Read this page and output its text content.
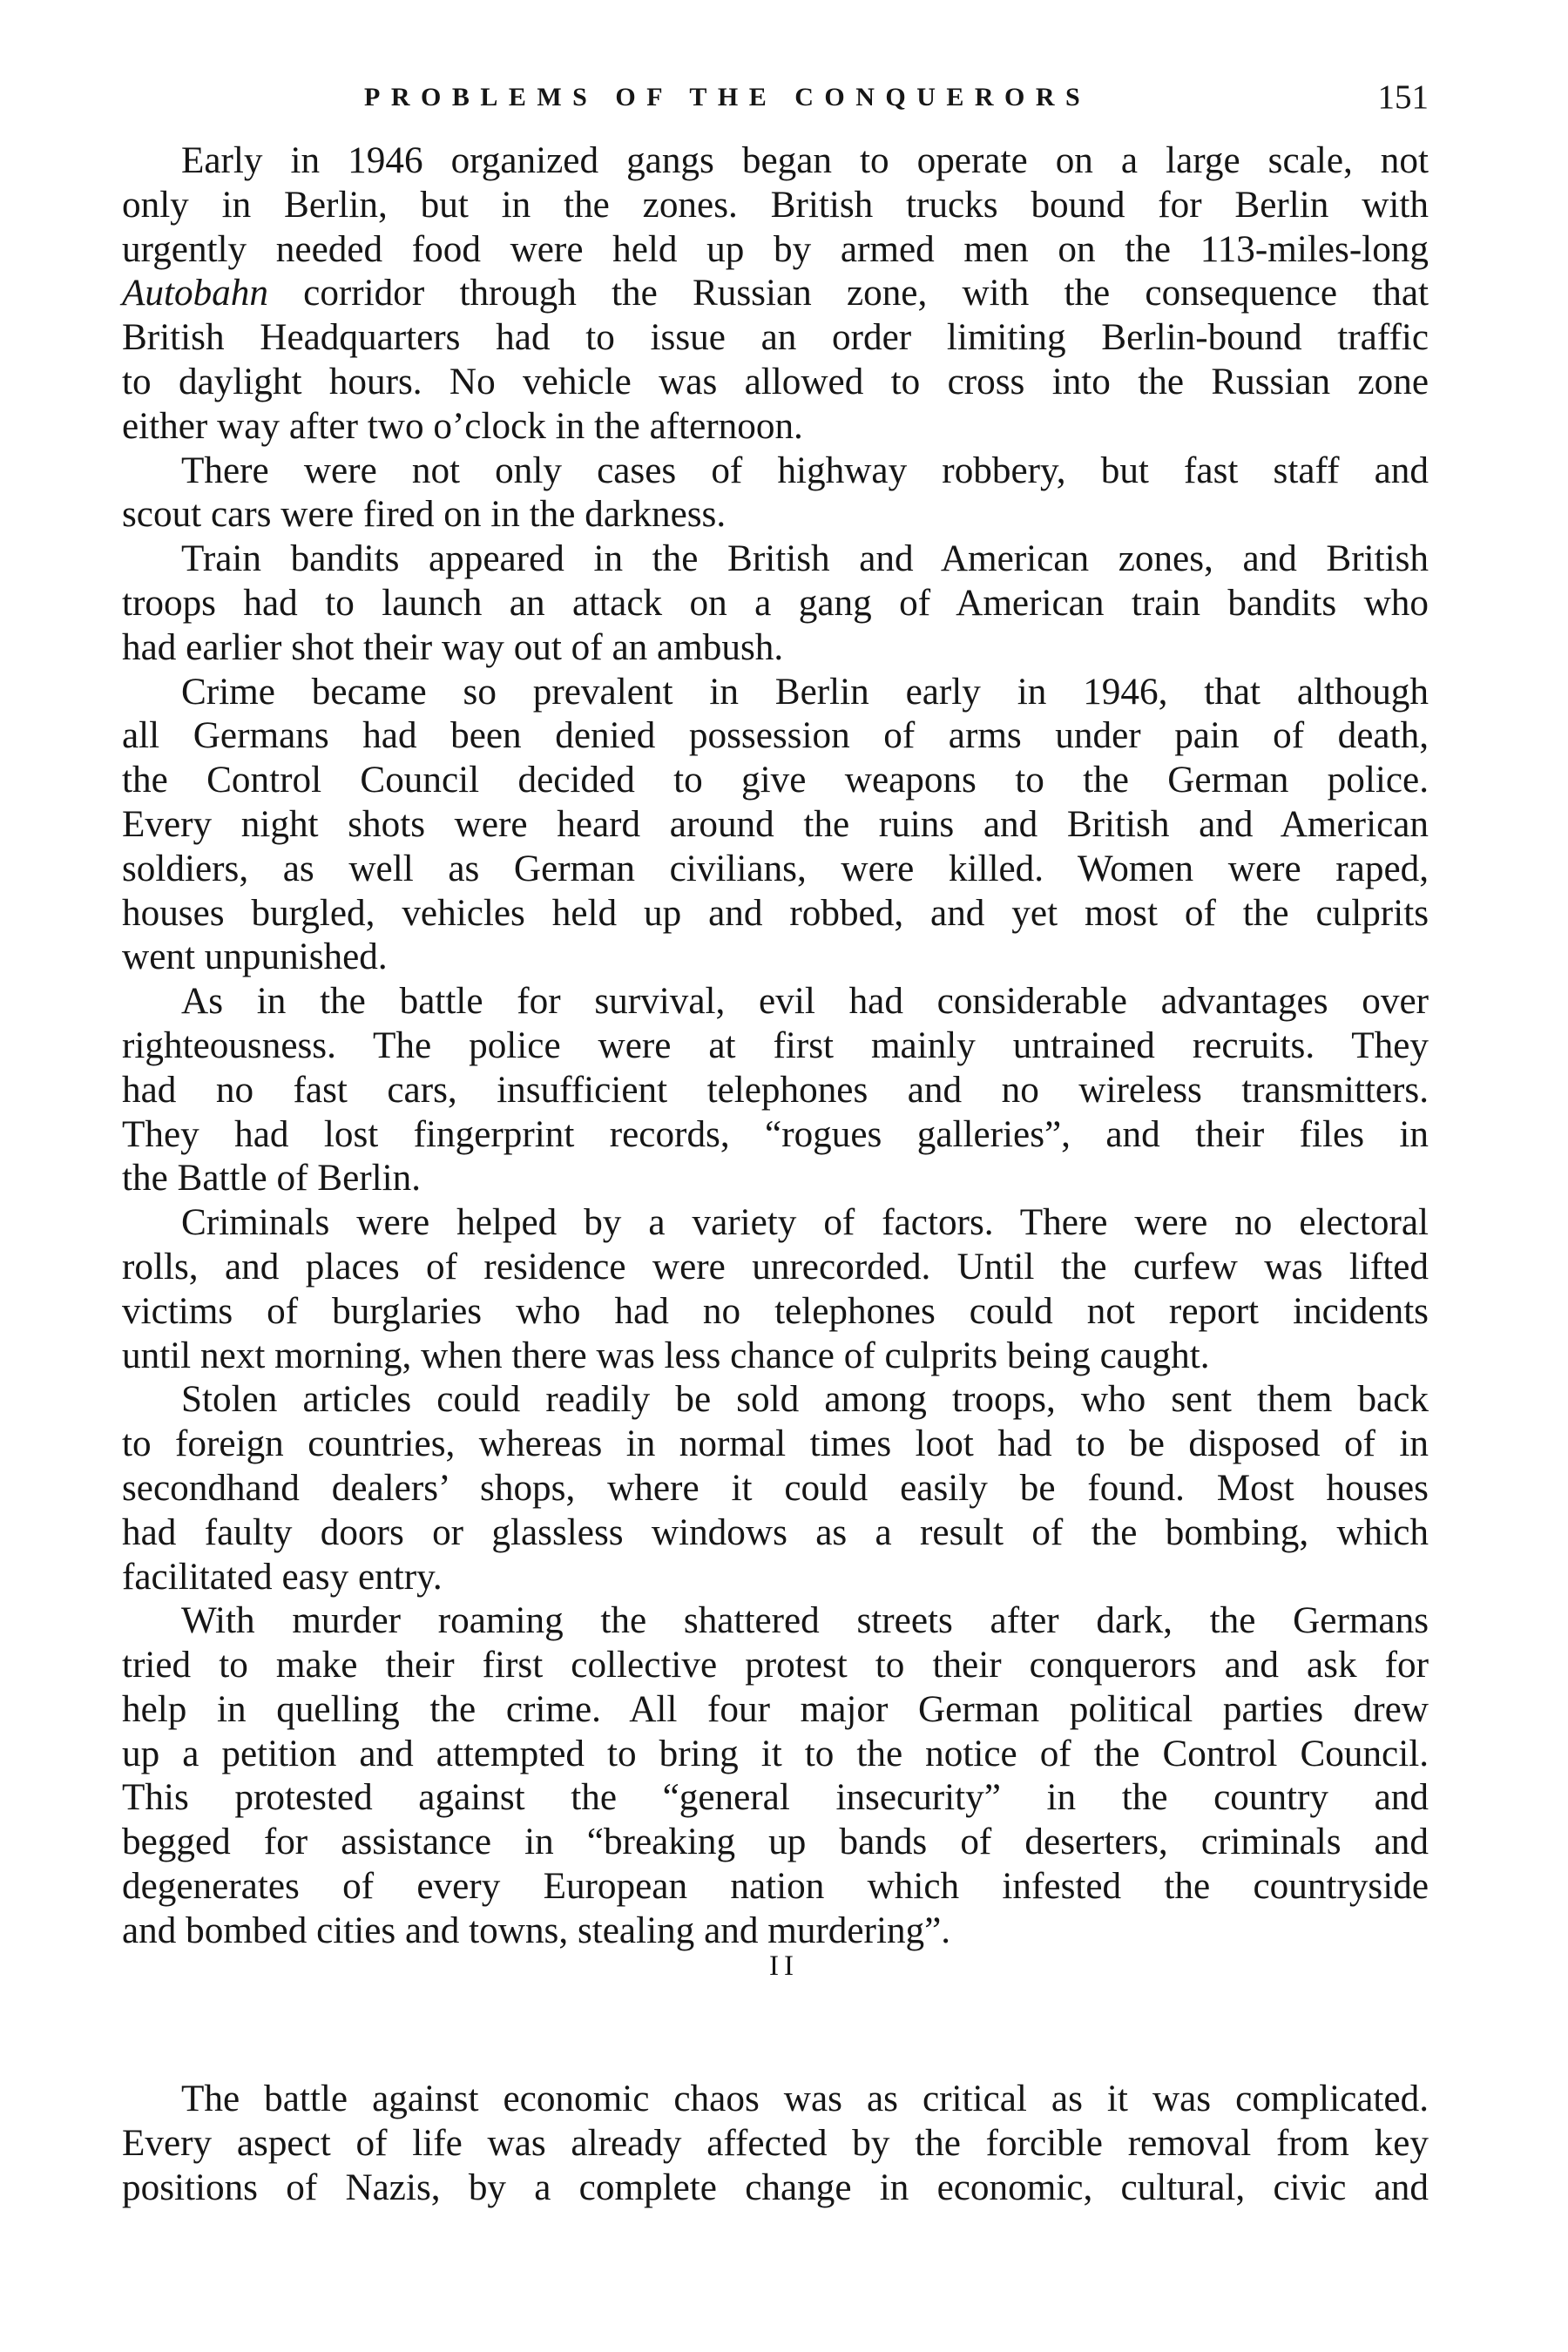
PROBLEMS OF THE CONQUERORS	151
Early in 1946 organized gangs began to operate on a large scale, not
only in Berlin, but in the zones. British trucks bound for Berlin with
urgently needed food were held up by armed men on the 113-miles-long
Autobahn corridor through the Russian zone, with the consequence that
British Headquarters had to issue an order limiting Berlin-bound traffic
to daylight hours. No vehicle was allowed to cross into the Russian zone
either way after two o’clock in the afternoon.
There were not only cases of highway robbery, but fast staff and
scout cars were fired on in the darkness.
Train bandits appeared in the British and American zones, and British
troops had to launch an attack on a gang of American train bandits who
had earlier shot their way out of an ambush.
Crime became so prevalent in Berlin early in 1946, that although
all Germans had been denied possession of arms under pain of death,
the Control Council decided to give weapons to the German police.
Every night shots were heard around the ruins and British and American
soldiers, as well as German civilians, were killed. Women were raped,
houses burgled, vehicles held up and robbed, and yet most of the culprits
went unpunished.
As in the battle for survival, evil had considerable advantages over
righteousness. The police were at first mainly untrained recruits. They
had no fast cars, insufficient telephones and no wireless transmitters.
They had lost fingerprint records, “rogues galleries”, and their files in
the Battle of Berlin.
Criminals were helped by a variety of factors. There were no electoral
rolls, and places of residence were unrecorded. Until the curfew was lifted
victims of burglaries who had no telephones could not report incidents
until next morning, when there was less chance of culprits being caught.
Stolen articles could readily be sold among troops, who sent them back
to foreign countries, whereas in normal times loot had to be disposed of in
secondhand dealers’ shops, where it could easily be found. Most houses
had faulty doors or glassless windows as a result of the bombing, which
facilitated easy entry.
With murder roaming the shattered streets after dark, the Germans
tried to make their first collective protest to their conquerors and ask for
help in quelling the crime. All four major German political parties drew
up a petition and attempted to bring it to the notice of the Control Council.
This protested against the “general insecurity” in the country and
begged for assistance in “breaking up bands of deserters, criminals and
degenerates of every European nation which infested the countryside
and bombed cities and towns, stealing and murdering”.
II
The battle against economic chaos was as critical as it was complicated.
Every aspect of life was already affected by the forcible removal from key
positions of Nazis, by a complete change in economic, cultural, civic and
